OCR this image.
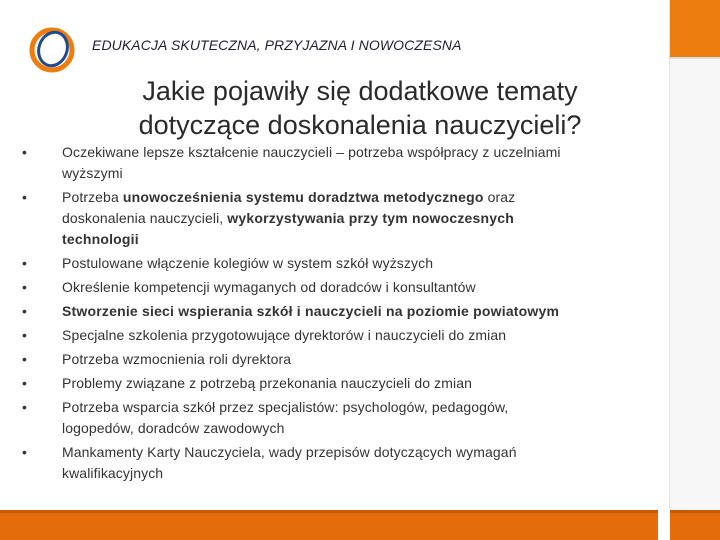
EDUKACJA SKUTECZNA, PRZYJAZNA I NOWOCZESNA
Jakie pojawiły się dodatkowe tematy
dotyczące doskonalenia nauczycieli?
• Oczekiwane lepsze kształcenie nauczycieli – potrzeba współpracy z uczelniami
wyższymi
• Potrzeba unowocześnienia systemu doradztwa metodycznego oraz
doskonalenia nauczycieli, wykorzystywania przy tym nowoczesnych
technologii
• Postulowane włączenie kolegiów w system szkół wyższych
• Określenie kompetencji wymaganych od doradców i konsultantów
• Stworzenie sieci wspierania szkół i nauczycieli na poziomie powiatowym
• Specjalne szkolenia przygotowujące dyrektorów i nauczycieli do zmian
• Potrzeba wzmocnienia roli dyrektora
• Problemy związane z potrzebą przekonania nauczycieli do zmian
• Potrzeba wsparcia szkół przez specjalistów: psychologów, pedagogów,
logopedów, doradców zawodowych
• Mankamenty Karty Nauczyciela, wady przepisów dotyczących wymagań
kwalifikacyjnych
